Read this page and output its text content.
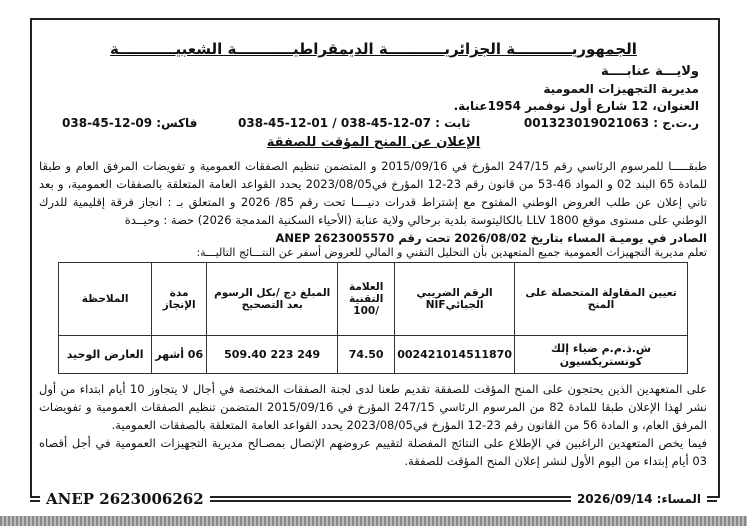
الجمهوريـــــــــــة الجزائريـــــــــــة الديمقراطيـــــــــــة الشعبيـــــــــــة
ولايـــة عنابــــة
مديرية التجهيزات العمومية
العنوان، 12 شارع أول نوفمبر 1954عنابة.
ر.ت.ج : 001323019021063
ثابت : 07-12-45-038 / 01-12-45-038
فاكس: 09-12-45-038
الإعلان عن المنح المؤقت للصفقة
طبقـــــا للمرسوم الرئاسي رقم 247/15 المؤرخ في 2015/09/16 و المتضمن تنظيم الصفقات العمومية و تفويضات المرفق العام و طبقا للمادة 65 البند 02 و المواد 46-53 من قانون رقم 23-12 المؤرخ في2023/08/05 يحدد القواعد العامة المتعلقة بالصفقات العمومية، و بعد تاني إعلان عن طلب العروض الوطني المفتوح مع إشتراط قدرات دنيــــا تحت رقم 85/ 2026 و المتعلق بـ : انجاز فرقة إقليمية للدرك الوطني على مستوى موقع 1800 LLV بالكاليتوسة بلدية برحالي ولاية عنابة (الأحياء السكنية المدمجة 2026) حصة : وحيــدة
الصادر في يوميـة المساء بتاريخ 2026/08/02 تحت رقم ANEP 2623005570
تعلم مديرية التجهيزات العمومية جميع المتعهدين بأن التحليل التقني و المالي للعروض أسفر عن النتـــائج التاليـــة:
تعيين المقاولة المتحصلة على المنح	الرقم الضريبي الجبائيNIF	العلامة التقنية /100	المبلغ دج /بكل الرسوم بعد التصحيح	مدة الإنجاز	الملاحظة
ش.ذ.م.م ضياء إلك كونستريكسيون	002421014511870	74.50	249 223 509.40	06 أشهر	العارض الوحيد
على المتعهدين الذين يحتجون على المنح المؤقت للصفقة تقديم طعنا لدى لجنة الصفقات المختصة في أجال لا يتجاوز 10 أيام ابتداء من أول نشر لهذا الإعلان طبقا للمادة 82 من المرسوم الرئاسي 247/15 المؤرخ في 2015/09/16 المتضمن تنظيم الصفقات العمومية و تفويضات المرفق العام، و المادة 56 من القانون رقم 23-12 المؤرخ في2023/08/05 يحدد القواعد العامة المتعلقة بالصفقات العمومية.
فيما يخص المتعهدين الراغبين في الإطلاع على النتائج المفصلة لتقييم عروضهم الإتصال بمصـالح مديرية التجهيزات العمومية في أجل أقصاه 03 أيام إبتداء من اليوم الأول لنشر إعلان المنح المؤقت للصفقة.
ANEP 2623006262	2026/09/14 :المساء
